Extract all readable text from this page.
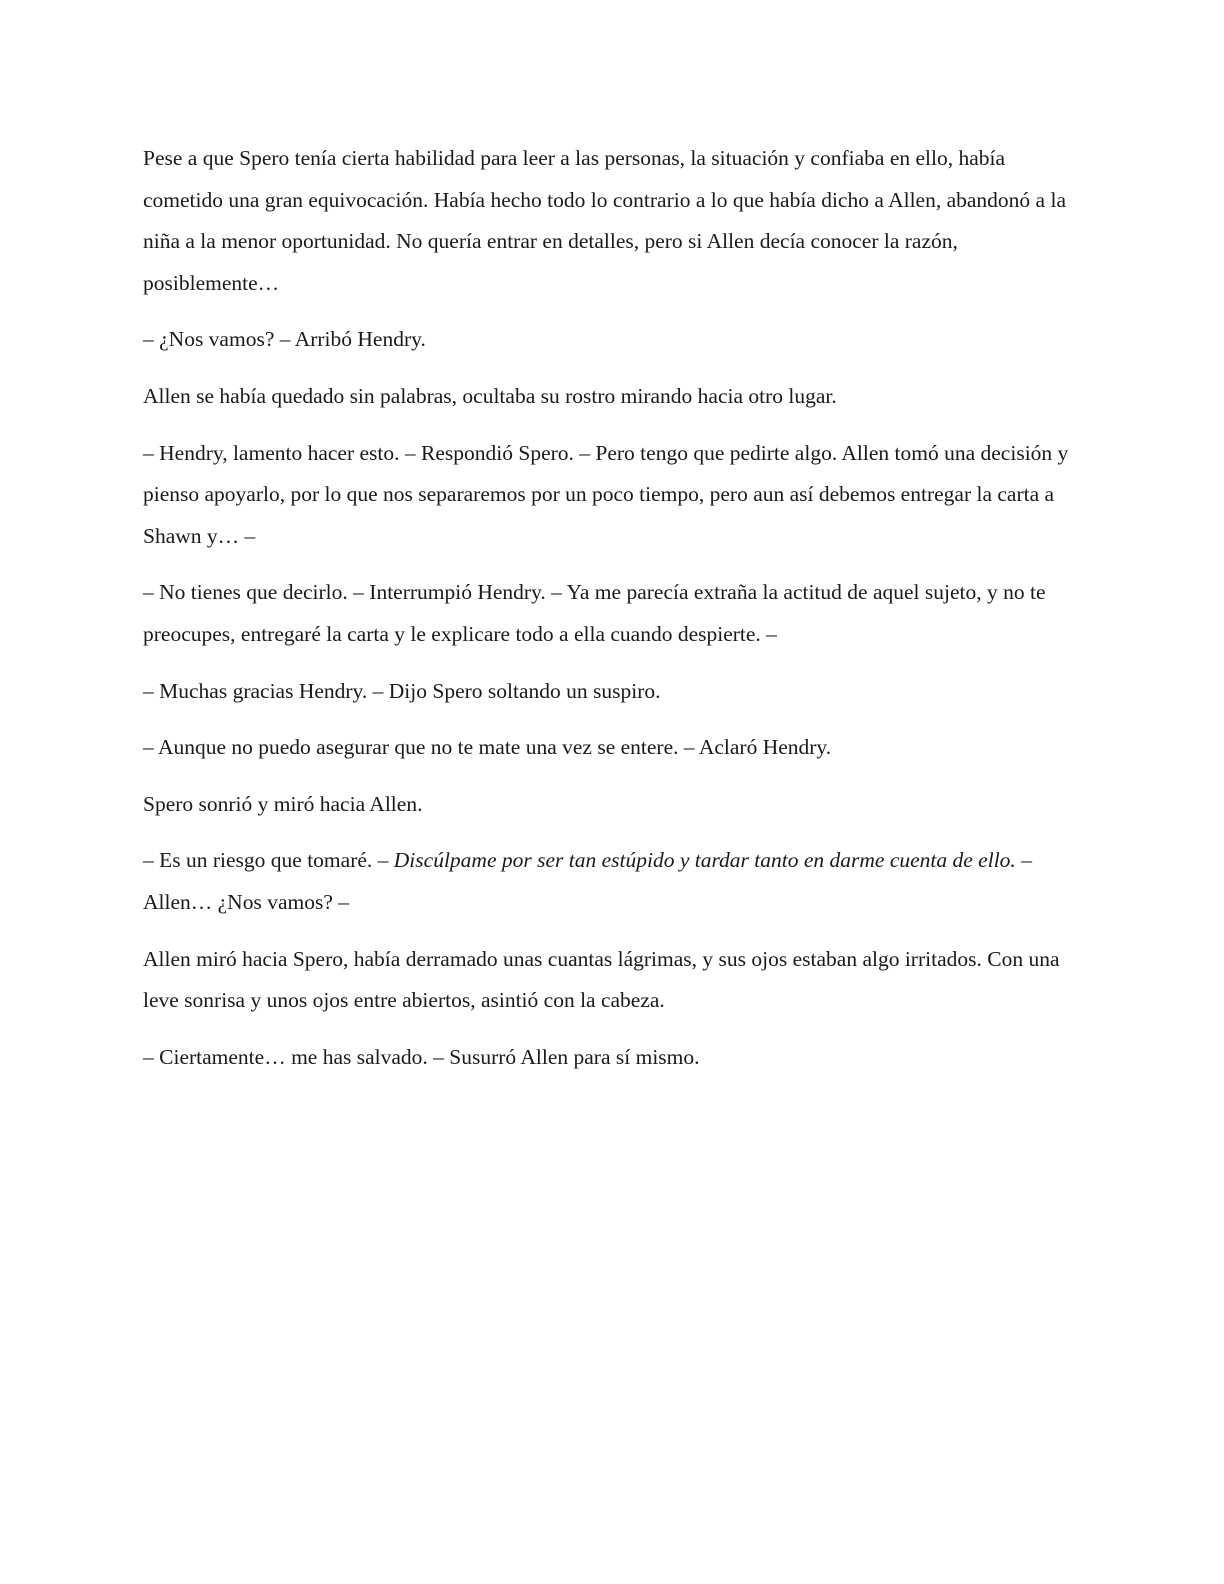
Pese a que Spero tenía cierta habilidad para leer a las personas, la situación y confiaba en ello, había cometido una gran equivocación. Había hecho todo lo contrario a lo que había dicho a Allen, abandonó a la niña a la menor oportunidad. No quería entrar en detalles, pero si Allen decía conocer la razón, posiblemente…

– ¿Nos vamos? – Arribó Hendry.

Allen se había quedado sin palabras, ocultaba su rostro mirando hacia otro lugar.

– Hendry, lamento hacer esto. – Respondió Spero. – Pero tengo que pedirte algo. Allen tomó una decisión y pienso apoyarlo, por lo que nos separaremos por un poco tiempo, pero aun así debemos entregar la carta a Shawn y… –

– No tienes que decirlo. – Interrumpió Hendry. – Ya me parecía extraña la actitud de aquel sujeto, y no te preocupes, entregaré la carta y le explicare todo a ella cuando despierte. –

– Muchas gracias Hendry. – Dijo Spero soltando un suspiro.

– Aunque no puedo asegurar que no te mate una vez se entere. – Aclaró Hendry.

Spero sonrió y miró hacia Allen.

– Es un riesgo que tomaré. – Discúlpame por ser tan estúpido y tardar tanto en darme cuenta de ello. – Allen… ¿Nos vamos? –

Allen miró hacia Spero, había derramado unas cuantas lágrimas, y sus ojos estaban algo irritados. Con una leve sonrisa y unos ojos entre abiertos, asintió con la cabeza.

– Ciertamente… me has salvado. – Susurró Allen para sí mismo.
